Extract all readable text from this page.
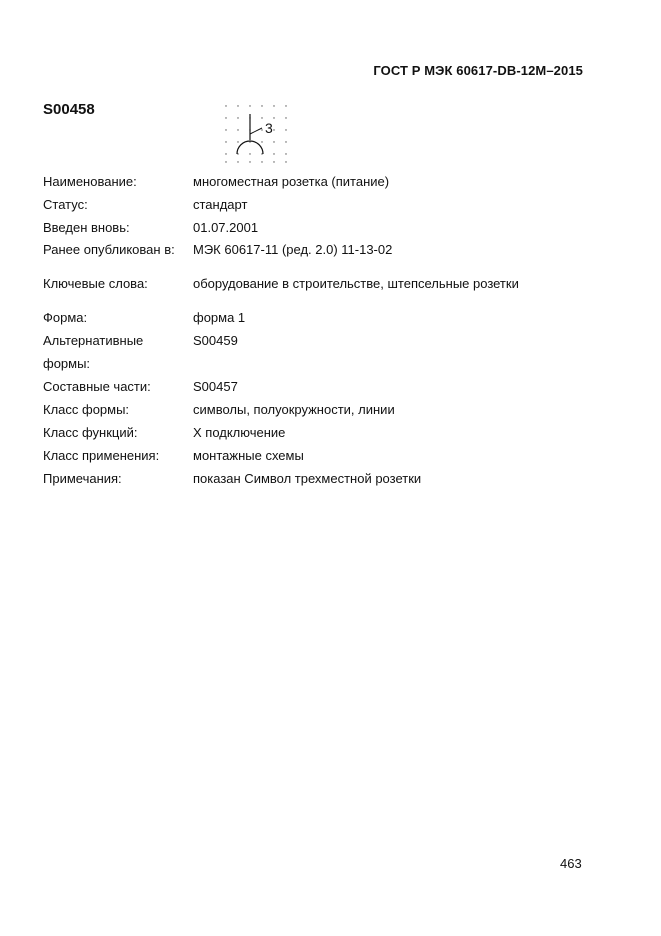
ГОСТ Р МЭК 60617-DB-12M–2015
S00458
3
Наименование:	многоместная розетка (питание)
Статус:	стандарт
Введен вновь:	01.07.2001
Ранее опубликован в:	МЭК 60617-11 (ред. 2.0) 11-13-02
Ключевые слова:	оборудование в строительстве, штепсельные розетки
Форма:	форма 1
Альтернативные	S00459
формы:
Составные части:	S00457
Класс формы:	символы, полуокружности, линии
Класс функций:	X подключение
Класс применения:	монтажные схемы
Примечания:	показан Символ трехместной розетки
463
